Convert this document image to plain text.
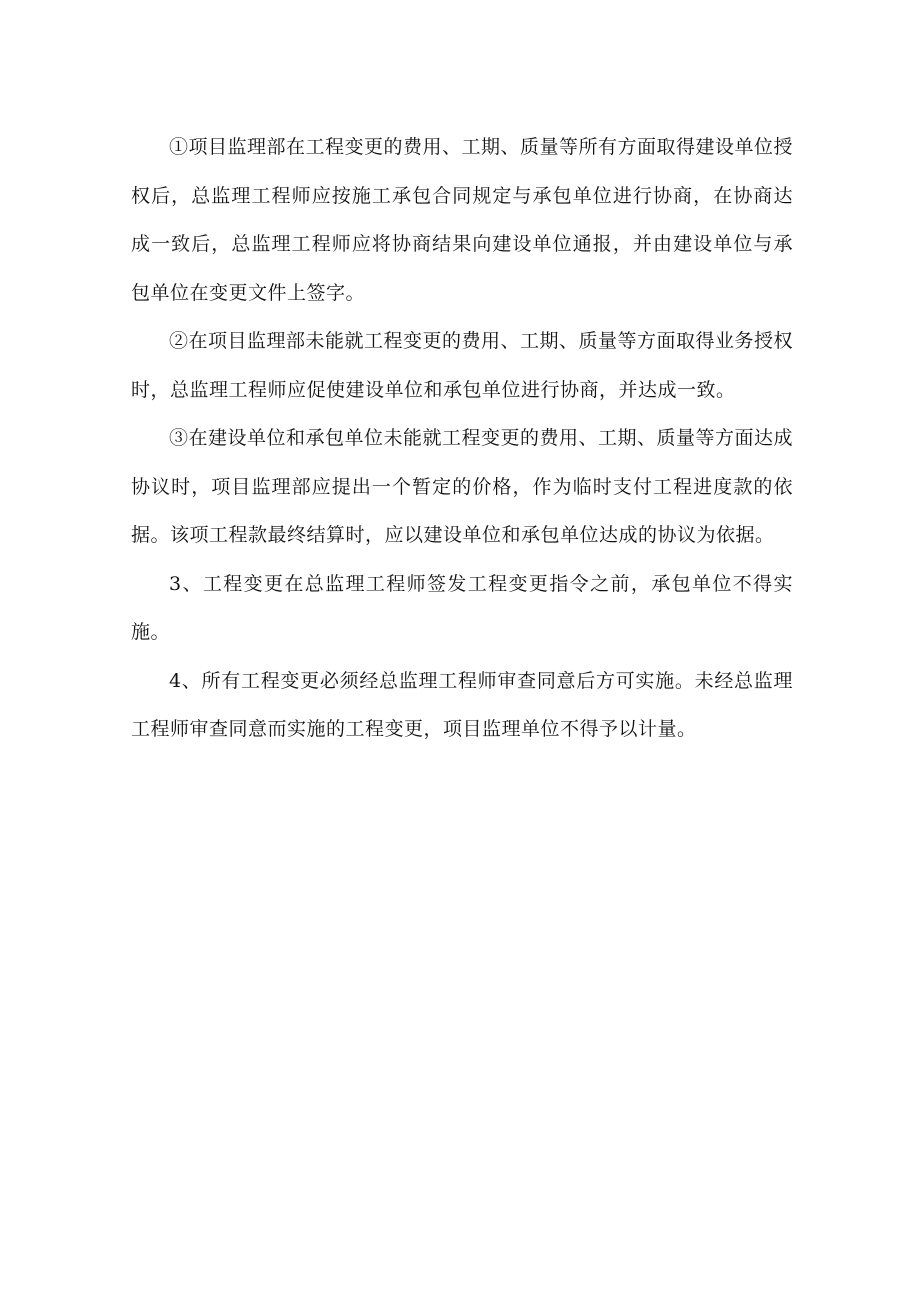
①项目监理部在工程变更的费用、工期、质量等所有方面取得建设单位授权后，总监理工程师应按施工承包合同规定与承包单位进行协商，在协商达成一致后，总监理工程师应将协商结果向建设单位通报，并由建设单位与承包单位在变更文件上签字。

②在项目监理部未能就工程变更的费用、工期、质量等方面取得业务授权时，总监理工程师应促使建设单位和承包单位进行协商，并达成一致。

③在建设单位和承包单位未能就工程变更的费用、工期、质量等方面达成协议时，项目监理部应提出一个暂定的价格，作为临时支付工程进度款的依据。该项工程款最终结算时，应以建设单位和承包单位达成的协议为依据。

3、工程变更在总监理工程师签发工程变更指令之前，承包单位不得实施。

4、所有工程变更必须经总监理工程师审查同意后方可实施。未经总监理工程师审查同意而实施的工程变更，项目监理单位不得予以计量。
